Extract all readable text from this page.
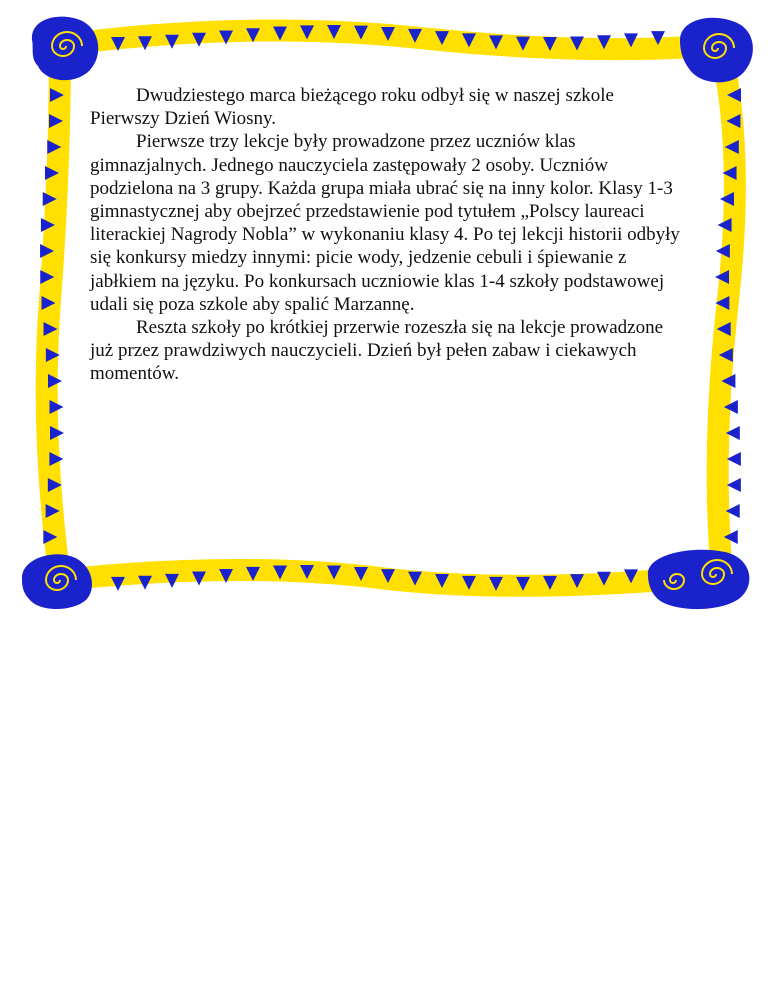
Dwudziestego marca bieżącego roku odbył się w naszej szkole Pierwszy Dzień Wiosny.

Pierwsze trzy lekcje były prowadzone przez uczniów klas gimnazjalnych. Jednego nauczyciela zastępowały 2 osoby. Uczniów podzielona na 3 grupy. Każda grupa miała ubrać się na inny kolor. Klasy 1-3 gimnastycznej aby obejrzeć przedstawienie pod tytułem „Polscy laureaci literackiej Nagrody Nobla” w wykonaniu klasy 4. Po tej lekcji historii odbyły się konkursy miedzy innymi: picie wody, jedzenie cebuli i śpiewanie z jabłkiem na języku. Po konkursach uczniowie klas 1-4 szkoły podstawowej udali się poza szkole aby spalić Marzannę.

Reszta szkoły po krótkiej przerwie rozeszła się na lekcje prowadzone już przez prawdziwych nauczycieli. Dzień był pełen zabaw i ciekawych momentów.
